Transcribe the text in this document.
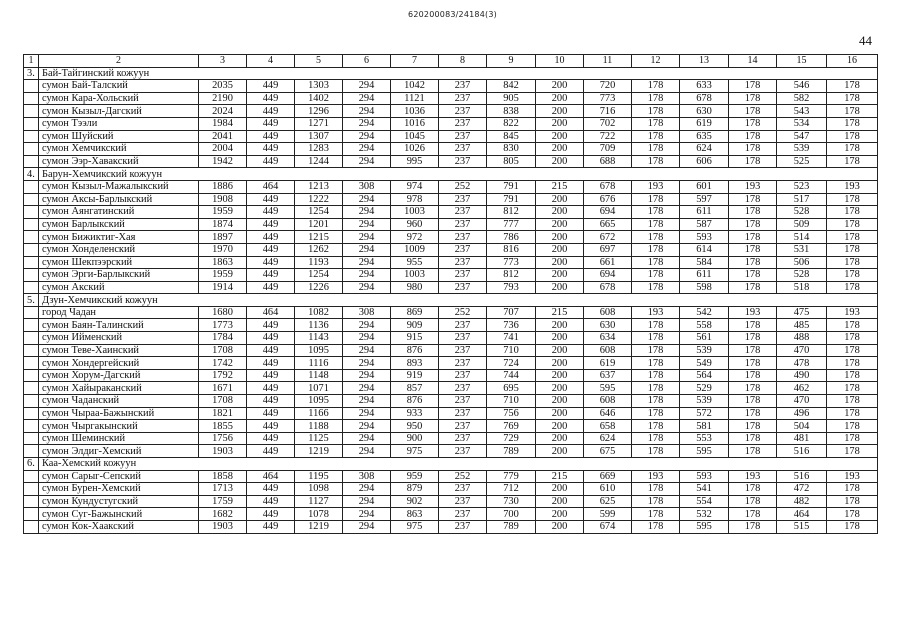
620200083/24184(3)
44
1	2	3	4	5	6	7	8	9	10	11	12	13	14	15	16
3.	Бай-Тайгинский кожуун														
	сумон Бай-Талский	2035	449	1303	294	1042	237	842	200	720	178	633	178	546	178
	сумон Кара-Хольский	2190	449	1402	294	1121	237	905	200	773	178	678	178	582	178
	сумон Кызыл-Дагский	2024	449	1296	294	1036	237	838	200	716	178	630	178	543	178
	сумон Тээли	1984	449	1271	294	1016	237	822	200	702	178	619	178	534	178
	сумон Шуйский	2041	449	1307	294	1045	237	845	200	722	178	635	178	547	178
	сумон Хемчикский	2004	449	1283	294	1026	237	830	200	709	178	624	178	539	178
	сумон Ээр-Хавакский	1942	449	1244	294	995	237	805	200	688	178	606	178	525	178
4.	Барун-Хемчикский кожуун														
	сумон Кызыл-Мажалыкский	1886	464	1213	308	974	252	791	215	678	193	601	193	523	193
	сумон Аксы-Барлыкский	1908	449	1222	294	978	237	791	200	676	178	597	178	517	178
	сумон Аянгатинский	1959	449	1254	294	1003	237	812	200	694	178	611	178	528	178
	сумон Барлыкский	1874	449	1201	294	960	237	777	200	665	178	587	178	509	178
	сумон Бижиктиг-Хая	1897	449	1215	294	972	237	786	200	672	178	593	178	514	178
	сумон Хонделенский	1970	449	1262	294	1009	237	816	200	697	178	614	178	531	178
	сумон Шекпээрский	1863	449	1193	294	955	237	773	200	661	178	584	178	506	178
	сумон Эрги-Барлыкский	1959	449	1254	294	1003	237	812	200	694	178	611	178	528	178
	сумон Акский	1914	449	1226	294	980	237	793	200	678	178	598	178	518	178
5.	Дзун-Хемчикский кожуун														
	город Чадан	1680	464	1082	308	869	252	707	215	608	193	542	193	475	193
	сумон Баян-Талинский	1773	449	1136	294	909	237	736	200	630	178	558	178	485	178
	сумон Ийменский	1784	449	1143	294	915	237	741	200	634	178	561	178	488	178
	сумон Теве-Хаинский	1708	449	1095	294	876	237	710	200	608	178	539	178	470	178
	сумон Хондергейский	1742	449	1116	294	893	237	724	200	619	178	549	178	478	178
	сумон Хорум-Дагский	1792	449	1148	294	919	237	744	200	637	178	564	178	490	178
	сумон Хайыраканский	1671	449	1071	294	857	237	695	200	595	178	529	178	462	178
	сумон Чаданский	1708	449	1095	294	876	237	710	200	608	178	539	178	470	178
	сумон Чыраа-Бажынский	1821	449	1166	294	933	237	756	200	646	178	572	178	496	178
	сумон Чыргакынский	1855	449	1188	294	950	237	769	200	658	178	581	178	504	178
	сумон Шеминский	1756	449	1125	294	900	237	729	200	624	178	553	178	481	178
	сумон Элдиг-Хемский	1903	449	1219	294	975	237	789	200	675	178	595	178	516	178
6.	Каа-Хемский кожуун														
	сумон Сарыг-Сепский	1858	464	1195	308	959	252	779	215	669	193	593	193	516	193
	сумон Бурен-Хемский	1713	449	1098	294	879	237	712	200	610	178	541	178	472	178
	сумон Кундустугский	1759	449	1127	294	902	237	730	200	625	178	554	178	482	178
	сумон Суг-Бажынский	1682	449	1078	294	863	237	700	200	599	178	532	178	464	178
	сумон Кок-Хаакский	1903	449	1219	294	975	237	789	200	674	178	595	178	515	178
